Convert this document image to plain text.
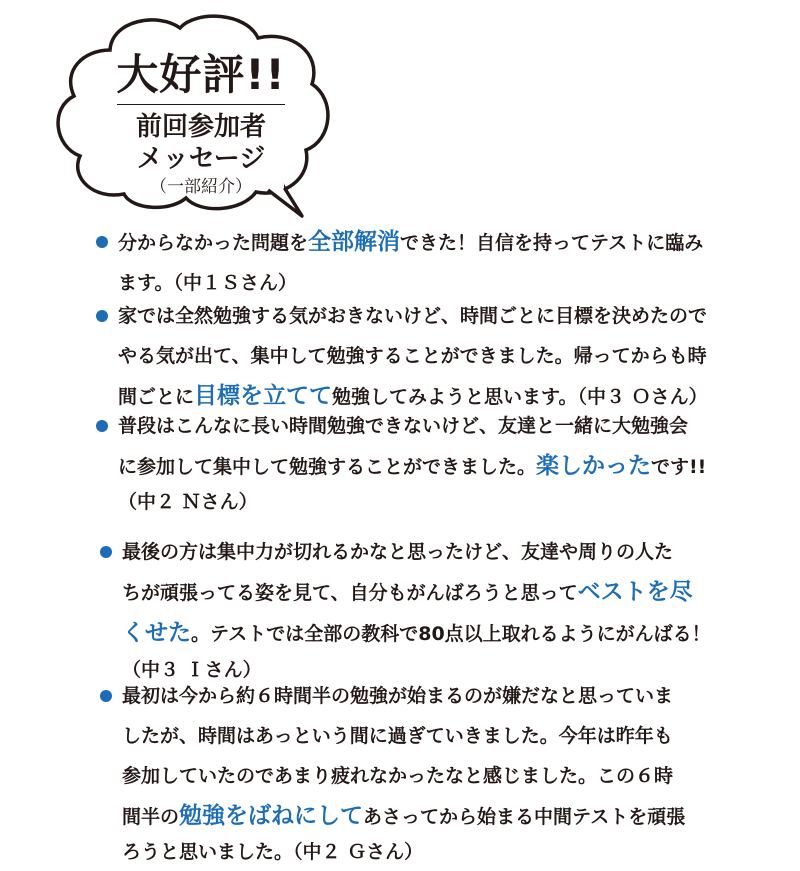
大好評!!
前回参加者
メッセージ
（一部紹介）

分からなかった問題を全部解消できた！自信を持ってテストに臨み

ます。（中１Ｓさん）

家では全然勉強する気がおきないけど、時間ごとに目標を決めたので

やる気が出て、集中して勉強することができました。帰ってからも時

間ごとに目標を立てて勉強してみようと思います。（中３ Ｏさん）

普段はこんなに長い時間勉強できないけど、友達と一緒に大勉強会

に参加して集中して勉強することができました。楽しかったです!!

（中２ Ｎさん）

最後の方は集中力が切れるかなと思ったけど、友達や周りの人た

ちが頑張ってる姿を見て、自分もがんばろうと思ってベストを尽

くせた。テストでは全部の教科で80点以上取れるようにがんばる！

（中３ Ｉさん）

最初は今から約６時間半の勉強が始まるのが嫌だなと思っていま

したが、時間はあっという間に過ぎていきました。今年は昨年も

参加していたのであまり疲れなかったなと感じました。この６時

間半の勉強をばねにしてあさってから始まる中間テストを頑張

ろうと思いました。（中２ Ｇさん）
